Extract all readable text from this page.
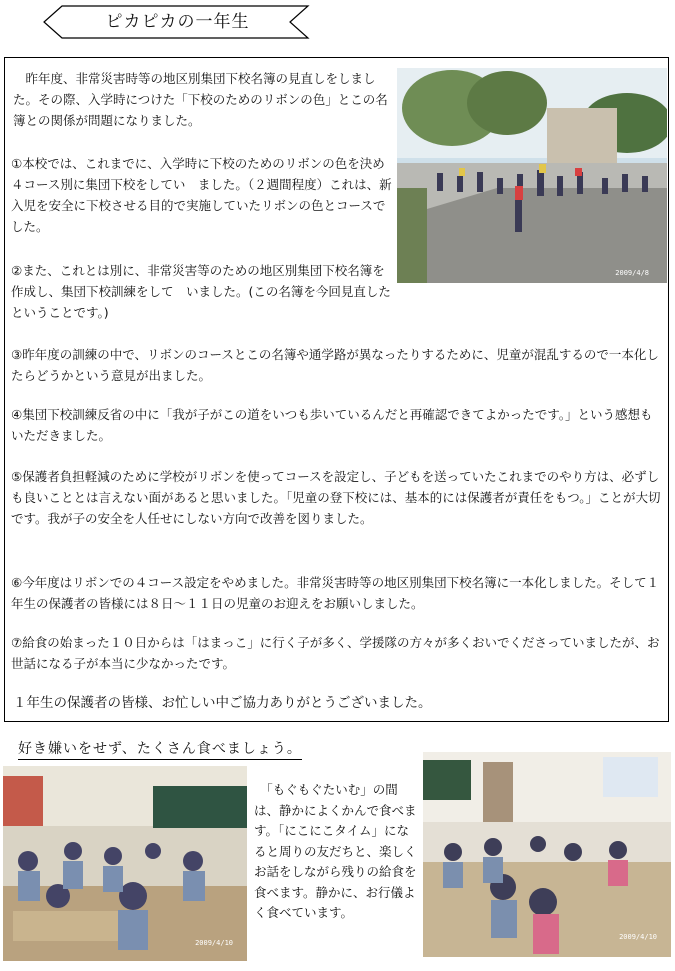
ピカピカの一年生

　昨年度、非常災害時等の地区別集団下校名簿の見直しをしました。その際、入学時につけた「下校のためのリボンの色」とこの名簿との関係が問題になりました。

①本校では、これまでに、入学時に下校のためのリボンの色を決め４コース別に集団下校をしてい　ました。（２週間程度）これは、新入児を安全に下校させる目的で実施していたリボンの色とコースでした。

②また、これとは別に、非常災害等のための地区別集団下校名簿を作成し、集団下校訓練をして　いました。(この名簿を今回見直したということです。)

③昨年度の訓練の中で、リボンのコースとこの名簿や通学路が異なったりするために、児童が混乱するので一本化したらどうかという意見が出ました。

④集団下校訓練反省の中に「我が子がこの道をいつも歩いているんだと再確認できてよかったです。」という感想もいただきました。

⑤保護者負担軽減のために学校がリボンを使ってコースを設定し、子どもを送っていたこれまでのやり方は、必ずしも良いこととは言えない面があると思いました。「児童の登下校には、基本的には保護者が責任をもつ。」ことが大切です。我が子の安全を人任せにしない方向で改善を図りました。

⑥今年度はリボンでの４コース設定をやめました。非常災害時等の地区別集団下校名簿に一本化しました。そして１年生の保護者の皆様には８日～１１日の児童のお迎えをお願いしました。

⑦給食の始まった１０日からは「はまっこ」に行く子が多く、学援隊の方々が多くおいでくださっていましたが、お世話になる子が本当に少なかったです。

１年生の保護者の皆様、お忙しい中ご協力ありがとうございました。

2009/4/8
好き嫌いをせず、たくさん食べましょう。
2009/4/10
　「もぐもぐたいむ」の間は、静かによくかんで食べます。「にこにこタイム」になると周りの友だちと、楽しくお話をしながら残りの給食を食べます。静かに、お行儀よく食べています。
2009/4/10
